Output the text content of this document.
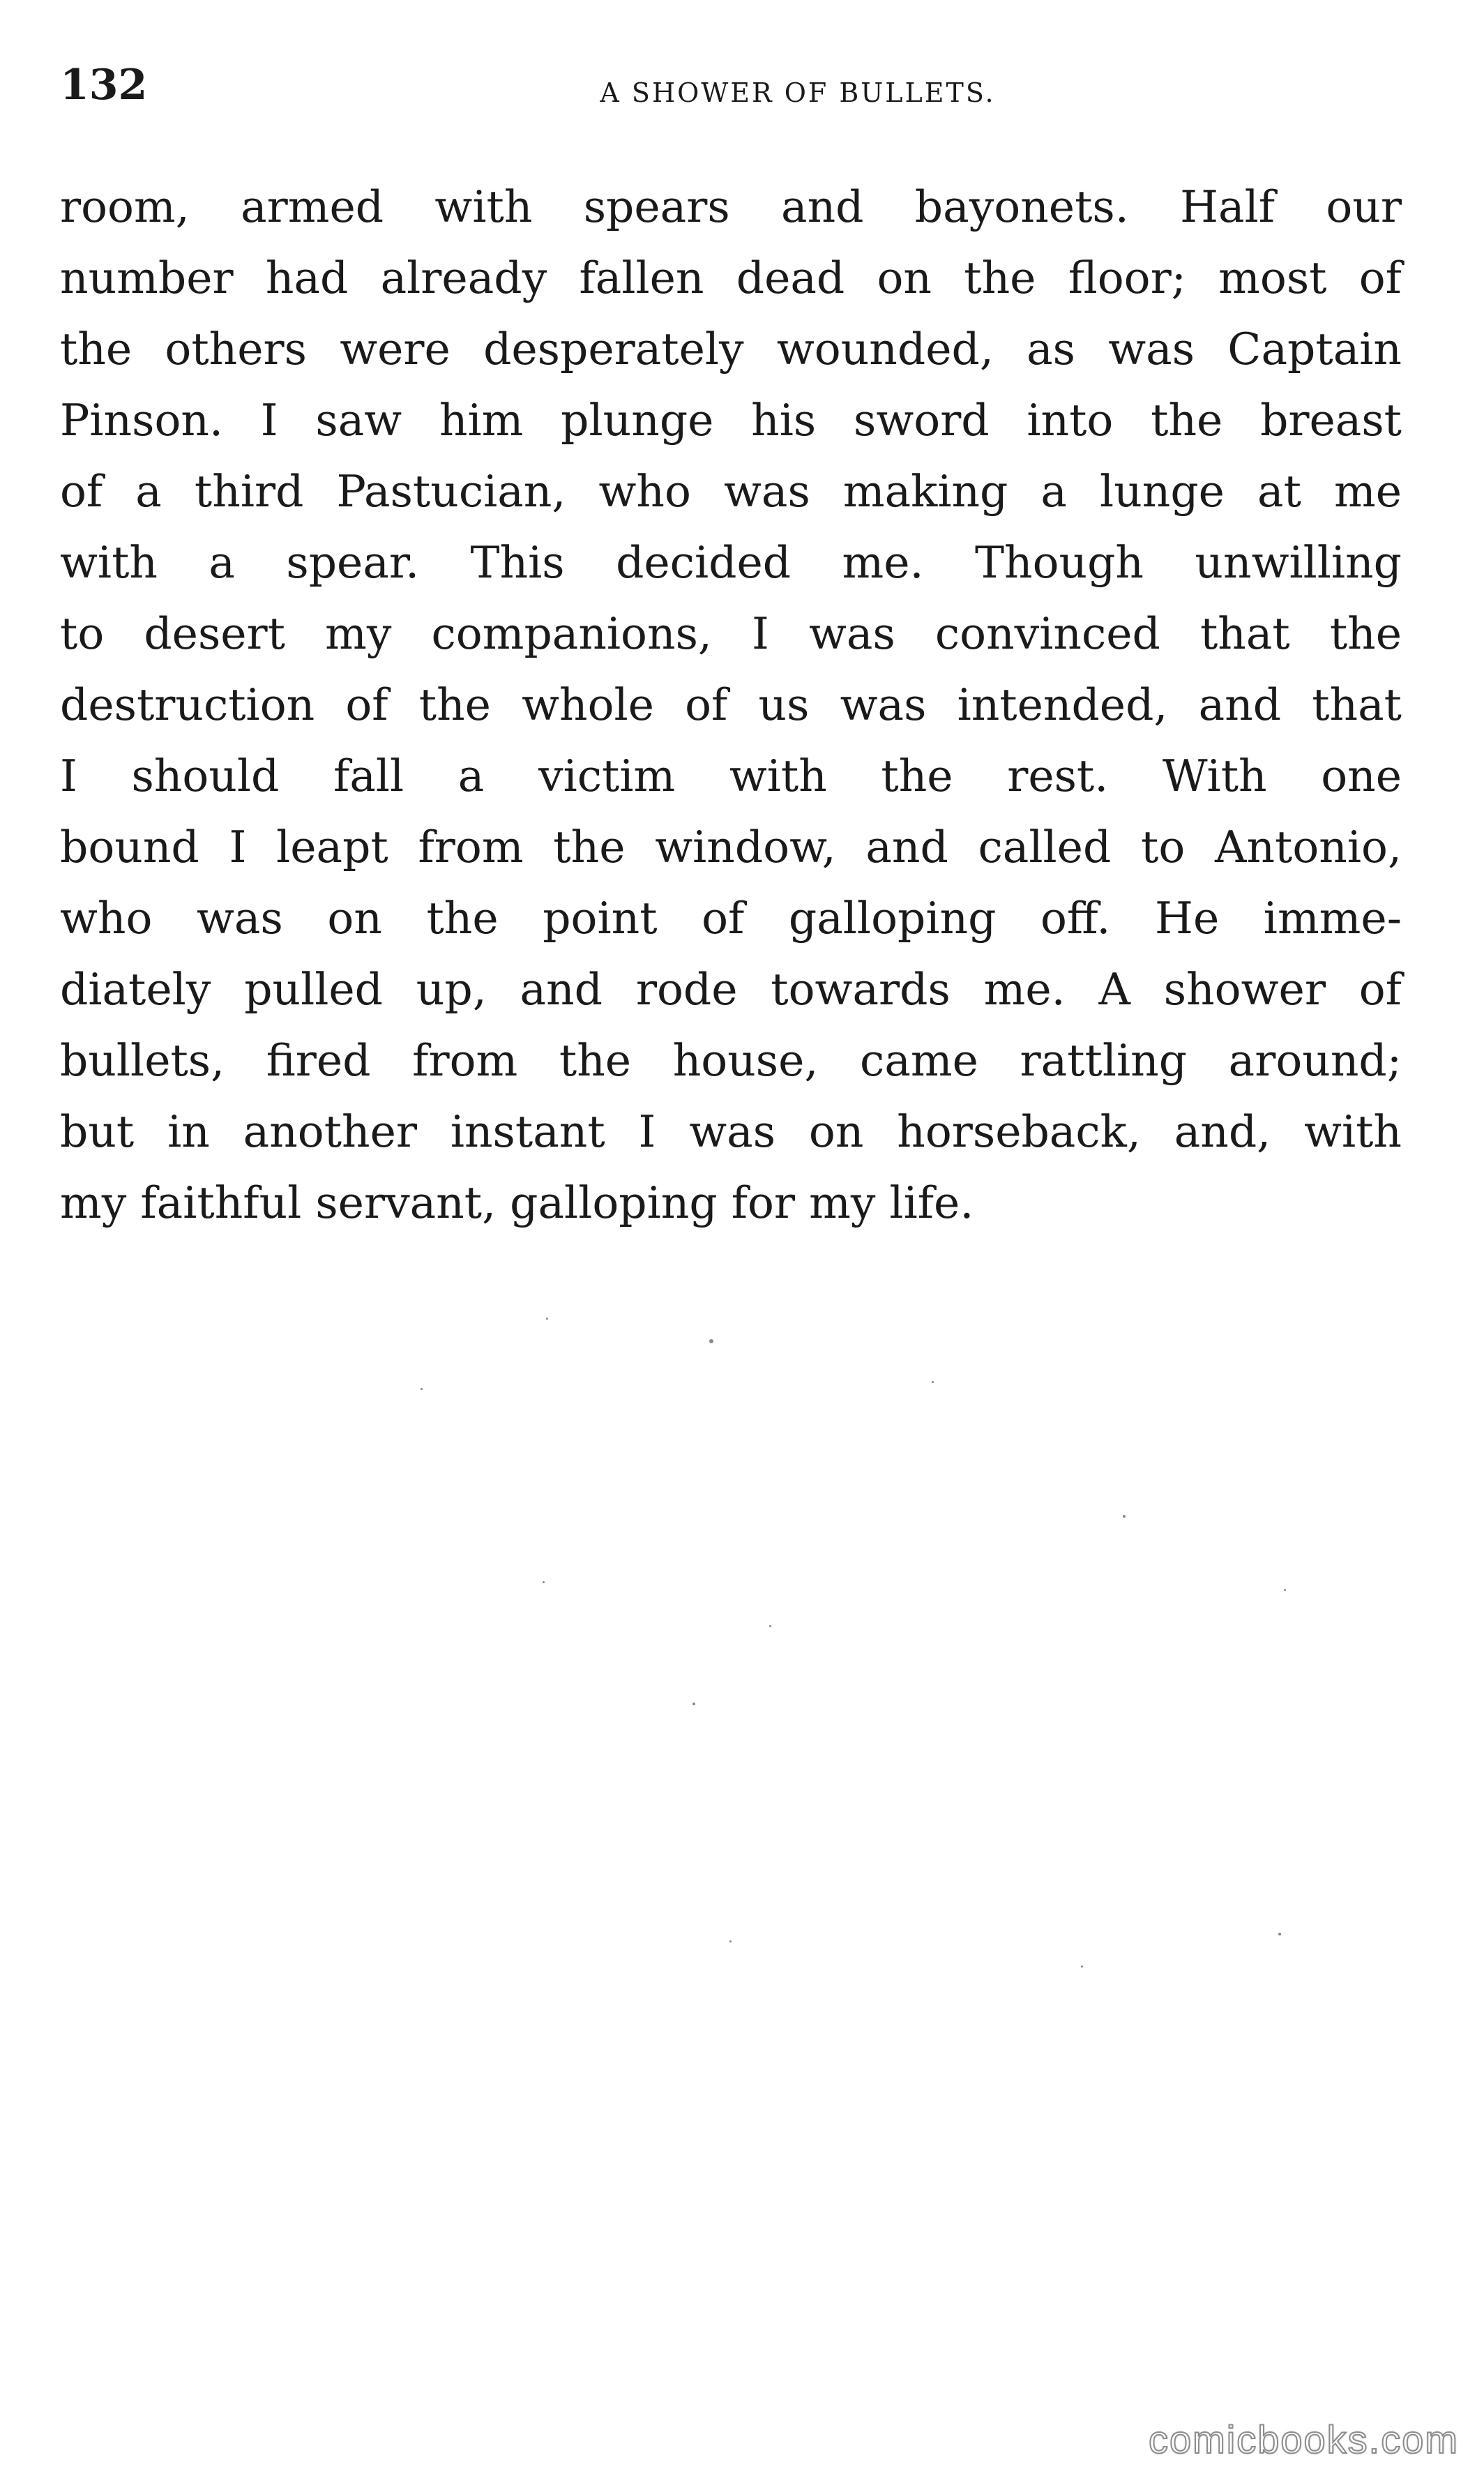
132	A SHOWER OF BULLETS.
room, armed with spears and bayonets. Half our
number had already fallen dead on the floor; most of
the others were desperately wounded, as was Captain
Pinson. I saw him plunge his sword into the breast
of a third Pastucian, who was making a lunge at me
with a spear. This decided me. Though unwilling
to desert my companions, I was convinced that the
destruction of the whole of us was intended, and that
I should fall a victim with the rest. With one
bound I leapt from the window, and called to Antonio,
who was on the point of galloping off. He imme-
diately pulled up, and rode towards me. A shower of
bullets, fired from the house, came rattling around;
but in another instant I was on horseback, and, with
my faithful servant, galloping for my life.
comicbooks.com
